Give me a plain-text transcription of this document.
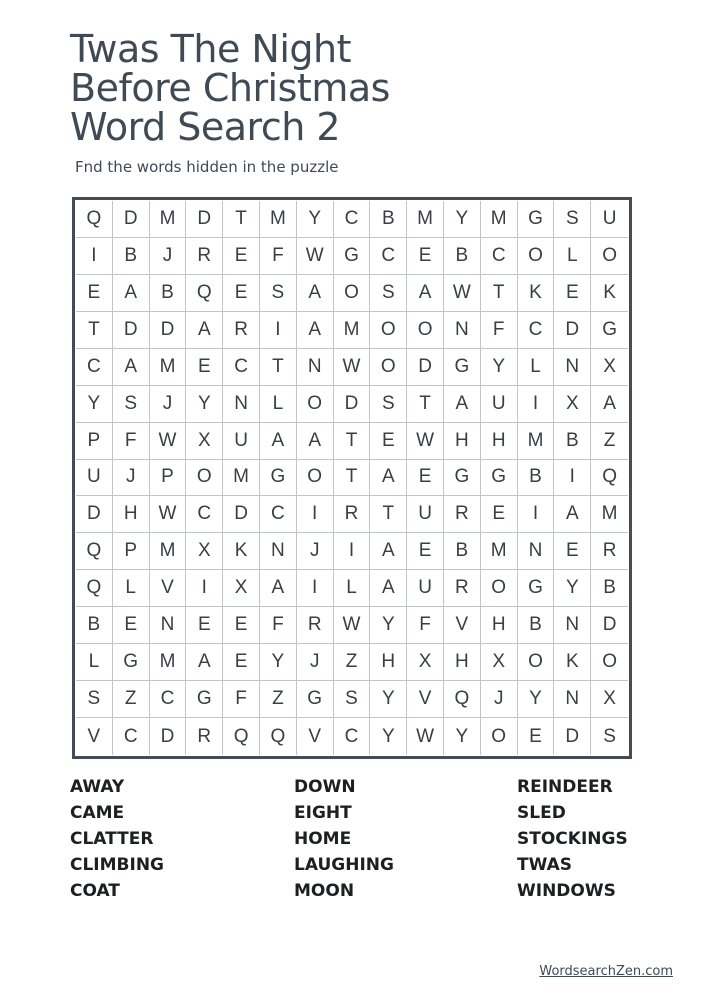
Twas The Night
Before Christmas
Word Search 2
Fnd the words hidden in the puzzle
Q	D	M	D	T	M	Y	C	B	M	Y	M	G	S	U
I	B	J	R	E	F	W	G	C	E	B	C	O	L	O
E	A	B	Q	E	S	A	O	S	A	W	T	K	E	K
T	D	D	A	R	I	A	M	O	O	N	F	C	D	G
C	A	M	E	C	T	N	W	O	D	G	Y	L	N	X
Y	S	J	Y	N	L	O	D	S	T	A	U	I	X	A
P	F	W	X	U	A	A	T	E	W	H	H	M	B	Z
U	J	P	O	M	G	O	T	A	E	G	G	B	I	Q
D	H	W	C	D	C	I	R	T	U	R	E	I	A	M
Q	P	M	X	K	N	J	I	A	E	B	M	N	E	R
Q	L	V	I	X	A	I	L	A	U	R	O	G	Y	B
B	E	N	E	E	F	R	W	Y	F	V	H	B	N	D
L	G	M	A	E	Y	J	Z	H	X	H	X	O	K	O
S	Z	C	G	F	Z	G	S	Y	V	Q	J	Y	N	X
V	C	D	R	Q	Q	V	C	Y	W	Y	O	E	D	S
AWAY
CAME
CLATTER
CLIMBING
COAT
DOWN
EIGHT
HOME
LAUGHING
MOON
REINDEER
SLED
STOCKINGS
TWAS
WINDOWS
WordsearchZen.com
